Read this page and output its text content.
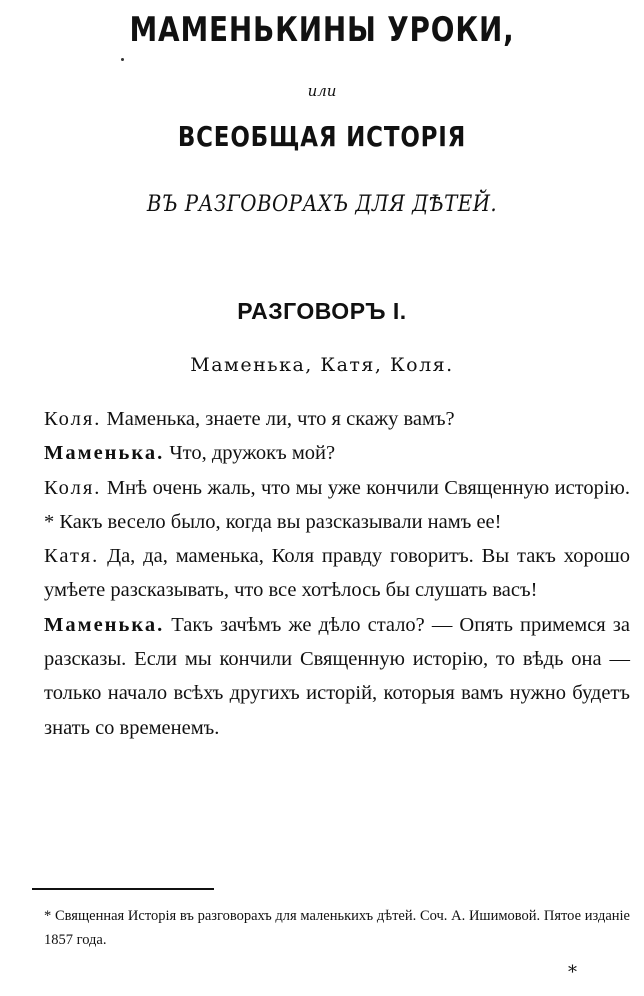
МАМЕНЬКИНЫ УРОКИ,
или
ВСЕОБЩАЯ ИСТОРІЯ
ВЪ РАЗГОВОРАХЪ ДЛЯ ДѢТЕЙ.
РАЗГОВОРЪ I.
Маменька, Катя, Коля.

Коля. Маменька, знаете ли, что я скажу вамъ?

Маменька. Что, дружокъ мой?

Коля. Мнѣ очень жаль, что мы уже кончили Священную исторію. * Какъ весело было, когда вы разсказывали намъ ее!

Катя. Да, да, маменька, Коля правду говоритъ. Вы такъ хорошо умѣете разсказывать, что все хотѣлось бы слушать васъ!

Маменька. Такъ зачѣмъ же дѣло стало? — Опять примемся за разсказы. Если мы кончили Священную исторію, то вѣдь она — только начало всѣхъ другихъ исторій, которыя вамъ нужно будетъ знать со временемъ.

* Священная Исторія въ разговорахъ для маленькихъ дѣтей. Соч. А. Ишимовой. Пятое изданіе 1857 года.
*
